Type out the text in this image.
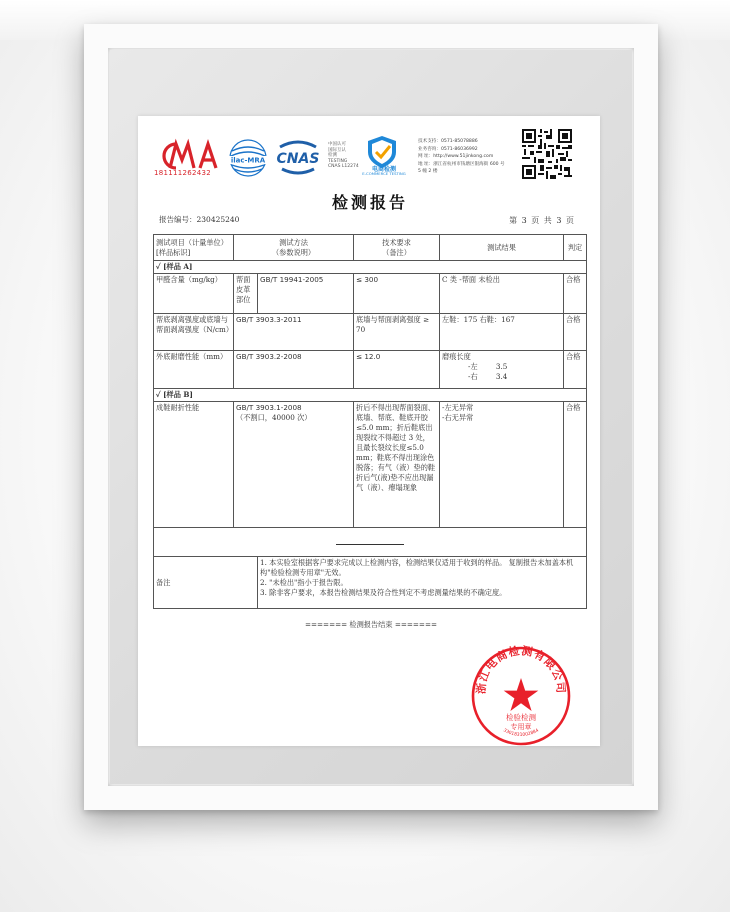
181111262432
ilac-MRA CNAS
中国认可
国际互认
检测
TESTING
CNAS L12274	电商检测
E-COMMERCE TESTING
技术支持：0571-85078886
业务咨询：0571-86036992
网 址：http://www.51jinkong.com
地 址：浙江省杭州市钱塘区银海街 600 号
5 幢 2 楼
检测报告
报告编号：230425240	第 3 页 共 3 页
测试项目（计量单位）
[样品标识]	测试方法
（参数说明）		技术要求
（备注）	测试结果	判定
✓ [样品 A]					
甲醛含量（mg/kg）	帮面皮革部位	GB/T 19941-2005	≤ 300	C 类 -帮面 未检出	合格
帮底剥离强度或底墙与帮面剥离强度（N/cm）	GB/T 3903.3-2011		底墙与帮面剥离强度 ≥ 70	左鞋：175 右鞋：167	合格
外底耐磨性能（mm）	GB/T 3903.2-2008		≤ 12.0	磨痕长度
-左        3.5
-右        3.4	合格
✓ [样品 B]					
成鞋耐折性能	GB/T 3903.1-2008
（不割口，40000 次）		折后不得出现帮面裂面、底墙、帮底、鞋底开胶≤5.0 mm；折后鞋底出现裂纹不得超过 3 处，且最长裂纹长度≤5.0 mm；鞋底不得出现涂色脱落；有气（液）垫的鞋折后气(液)垫不应出现漏气（液）、瘪塌现象	-左无异常
-右无异常	合格

备注		1. 本实验室根据客户要求完成以上检测内容，检测结果仅适用于收到的样品。 复制报告未加盖本机构"检验检测专用章"无效。
2. "未检出"指小于报告限。
3. 除非客户要求，本报告检测结果及符合性判定不考虑测量结果的不确定度。			
======= 检测报告结束 =======
浙江电商检测有限公司
检验检测
专用章
3301831002884
